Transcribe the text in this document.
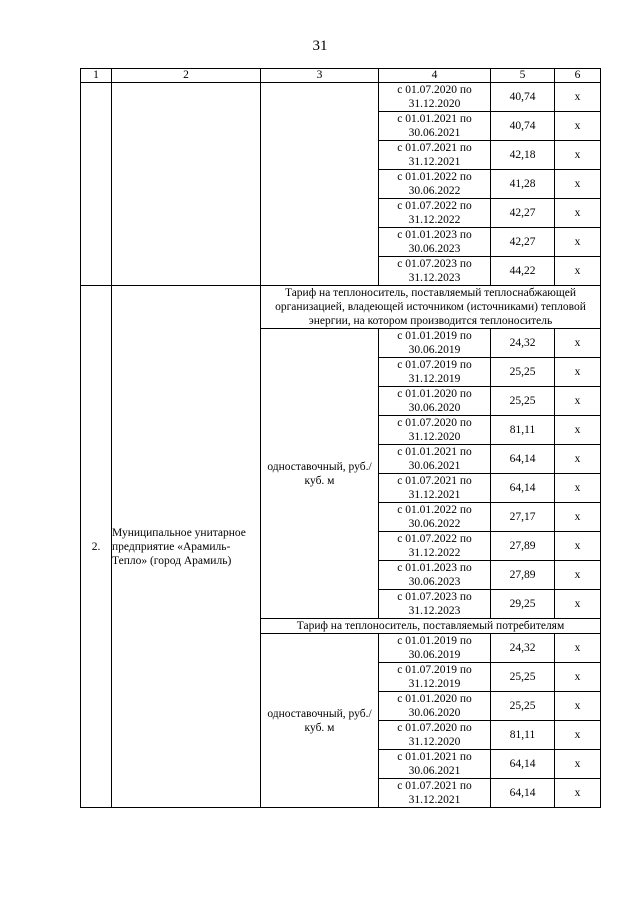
31
1	2	3	4	5	6
			с 01.07.2020 по 31.12.2020	40,74	х
			с 01.01.2021 по 30.06.2021	40,74	х
			с 01.07.2021 по 31.12.2021	42,18	х
			с 01.01.2022 по 30.06.2022	41,28	х
			с 01.07.2022 по 31.12.2022	42,27	х
			с 01.01.2023 по 30.06.2023	42,27	х
			с 01.07.2023 по 31.12.2023	44,22	х
2.	Муниципальное унитарное предприятие «Арамиль-Тепло» (город Арамиль)	Тариф на теплоноситель, поставляемый теплоснабжающей организацией, владеющей источником (источниками) тепловой энергии, на котором производится теплоноситель			
		одноставочный, руб./куб. м	с 01.01.2019 по 30.06.2019	24,32	х
			с 01.07.2019 по 31.12.2019	25,25	х
			с 01.01.2020 по 30.06.2020	25,25	х
			с 01.07.2020 по 31.12.2020	81,11	х
			с 01.01.2021 по 30.06.2021	64,14	х
			с 01.07.2021 по 31.12.2021	64,14	х
			с 01.01.2022 по 30.06.2022	27,17	х
			с 01.07.2022 по 31.12.2022	27,89	х
			с 01.01.2023 по 30.06.2023	27,89	х
			с 01.07.2023 по 31.12.2023	29,25	х
		Тариф на теплоноситель, поставляемый потребителям			
		одноставочный, руб./куб. м	с 01.01.2019 по 30.06.2019	24,32	х
			с 01.07.2019 по 31.12.2019	25,25	х
			с 01.01.2020 по 30.06.2020	25,25	х
			с 01.07.2020 по 31.12.2020	81,11	х
			с 01.01.2021 по 30.06.2021	64,14	х
			с 01.07.2021 по 31.12.2021	64,14	х
